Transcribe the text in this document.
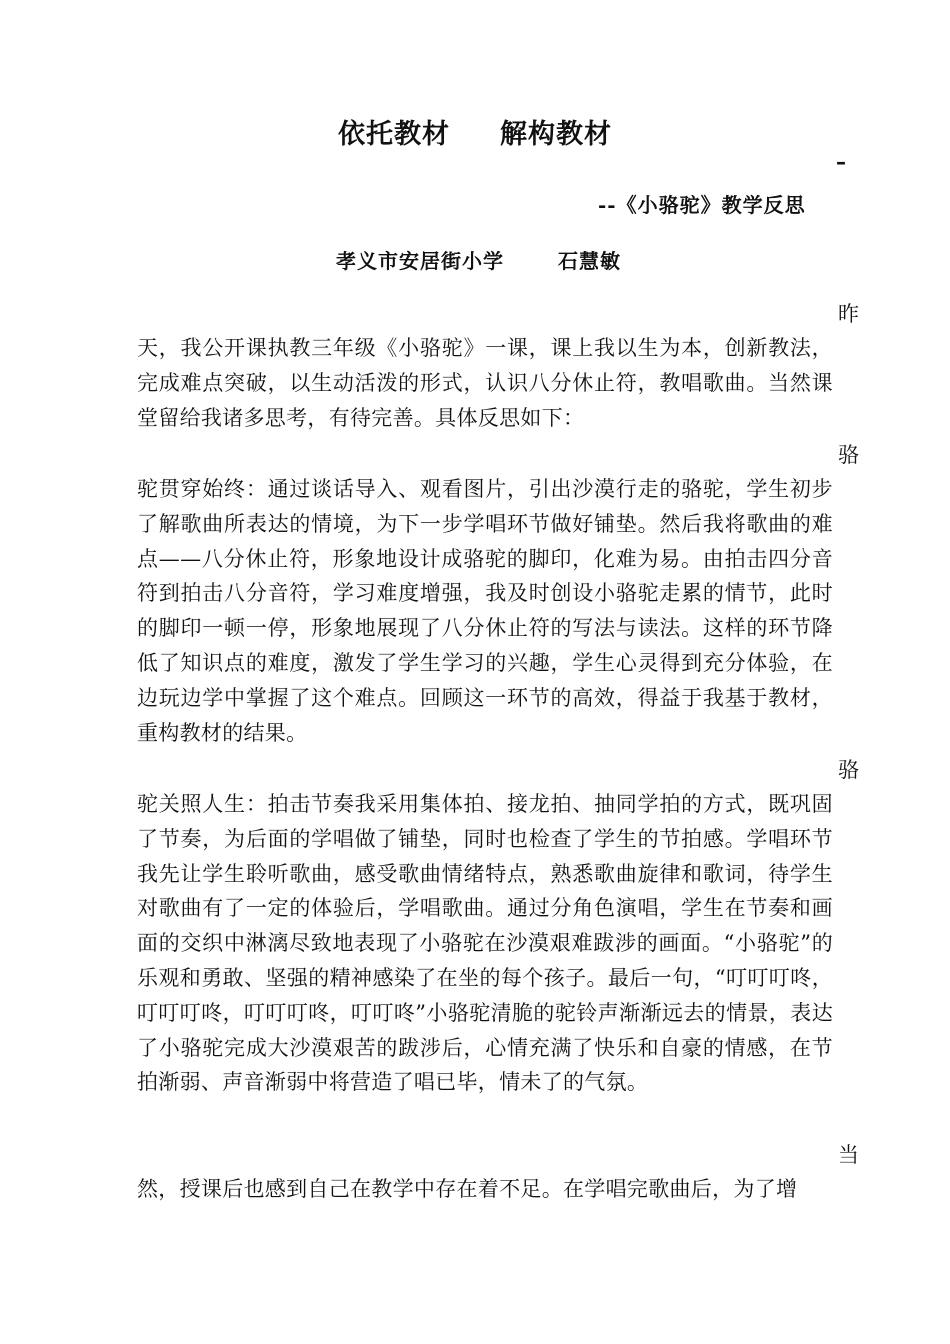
依托教材 解构教材
–
--《小骆驼》教学反思
孝义市安居街小学	石慧敏
昨
天，我公开课执教三年级《小骆驼》一课，课上我以生为本，创新教法，完成难点突破，以生动活泼的形式，认识八分休止符，教唱歌曲。当然课堂留给我诸多思考，有待完善。具体反思如下：
骆
驼贯穿始终：通过谈话导入、观看图片，引出沙漠行走的骆驼，学生初步了解歌曲所表达的情境，为下一步学唱环节做好铺垫。然后我将歌曲的难点——八分休止符，形象地设计成骆驼的脚印，化难为易。由拍击四分音符到拍击八分音符，学习难度增强，我及时创设小骆驼走累的情节，此时的脚印一顿一停，形象地展现了八分休止符的写法与读法。这样的环节降低了知识点的难度，激发了学生学习的兴趣，学生心灵得到充分体验，在边玩边学中掌握了这个难点。回顾这一环节的高效，得益于我基于教材，重构教材的结果。
骆
驼关照人生：拍击节奏我采用集体拍、接龙拍、抽同学拍的方式，既巩固了节奏，为后面的学唱做了铺垫，同时也检查了学生的节拍感。学唱环节我先让学生聆听歌曲，感受歌曲情绪特点，熟悉歌曲旋律和歌词，待学生对歌曲有了一定的体验后，学唱歌曲。通过分角色演唱，学生在节奏和画面的交织中淋漓尽致地表现了小骆驼在沙漠艰难跋涉的画面。“小骆驼”的乐观和勇敢、坚强的精神感染了在坐的每个孩子。最后一句，“叮叮叮咚，叮叮叮咚，叮叮叮咚，叮叮咚”小骆驼清脆的驼铃声渐渐远去的情景，表达了小骆驼完成大沙漠艰苦的跋涉后，心情充满了快乐和自豪的情感，在节拍渐弱、声音渐弱中将营造了唱已毕，情未了的气氛。
当
然，授课后也感到自己在教学中存在着不足。在学唱完歌曲后，为了增
